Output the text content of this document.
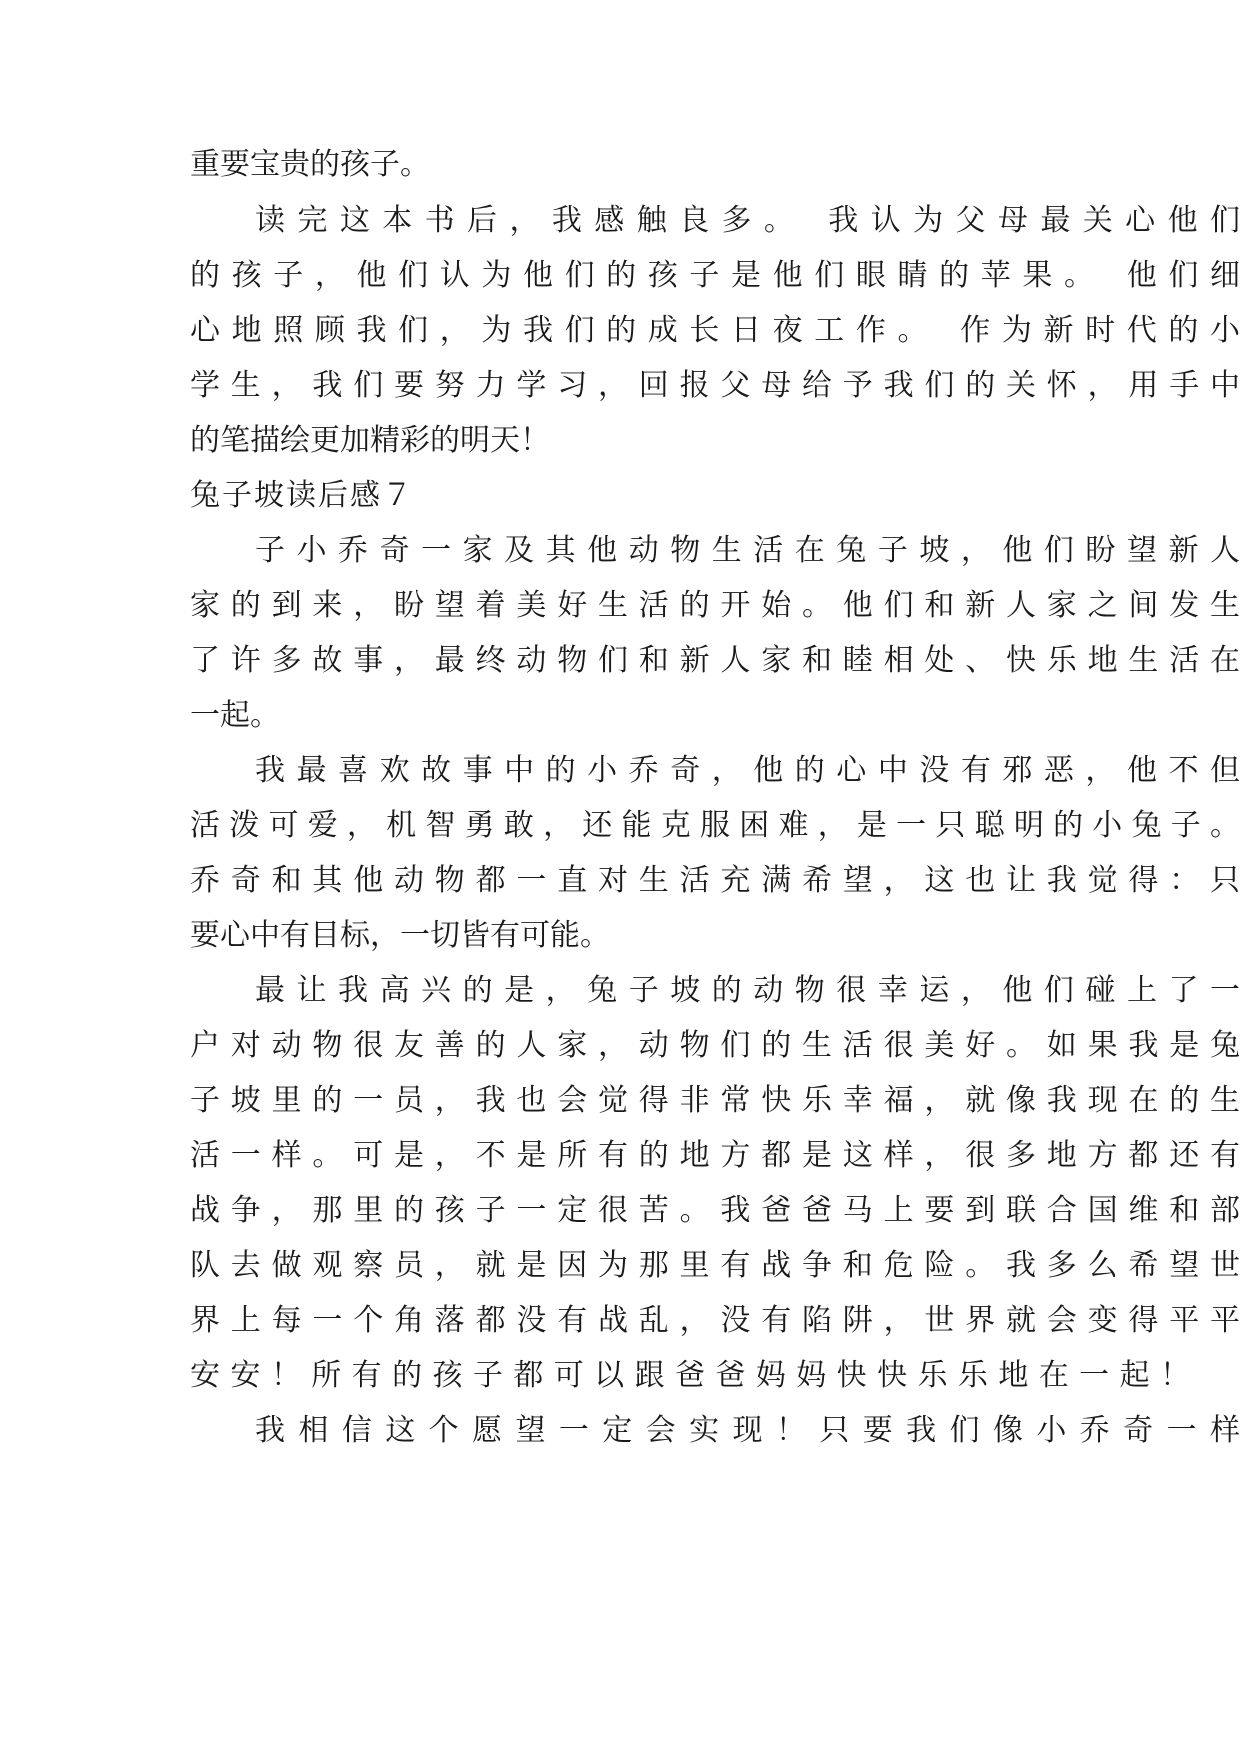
重要宝贵的孩子。
读完这本书后，我感触良多。 我认为父母最关心他们
的孩子，他们认为他们的孩子是他们眼睛的苹果。 他们细
心地照顾我们，为我们的成长日夜工作。 作为新时代的小
学生，我们要努力学习，回报父母给予我们的关怀，用手中
的笔描绘更加精彩的明天！
兔子坡读后感７
子小乔奇一家及其他动物生活在兔子坡，他们盼望新人
家的到来，盼望着美好生活的开始。他们和新人家之间发生
了许多故事，最终动物们和新人家和睦相处、快乐地生活在
一起。
我最喜欢故事中的小乔奇，他的心中没有邪恶，他不但
活泼可爱，机智勇敢，还能克服困难，是一只聪明的小兔子。
乔奇和其他动物都一直对生活充满希望，这也让我觉得：只
要心中有目标，一切皆有可能。
最让我高兴的是，兔子坡的动物很幸运，他们碰上了一
户对动物很友善的人家，动物们的生活很美好。如果我是兔
子坡里的一员，我也会觉得非常快乐幸福，就像我现在的生
活一样。可是，不是所有的地方都是这样，很多地方都还有
战争，那里的孩子一定很苦。我爸爸马上要到联合国维和部
队去做观察员，就是因为那里有战争和危险。我多么希望世
界上每一个角落都没有战乱，没有陷阱，世界就会变得平平
安安！所有的孩子都可以跟爸爸妈妈快快乐乐地在一起！
我相信这个愿望一定会实现！只要我们像小乔奇一样
